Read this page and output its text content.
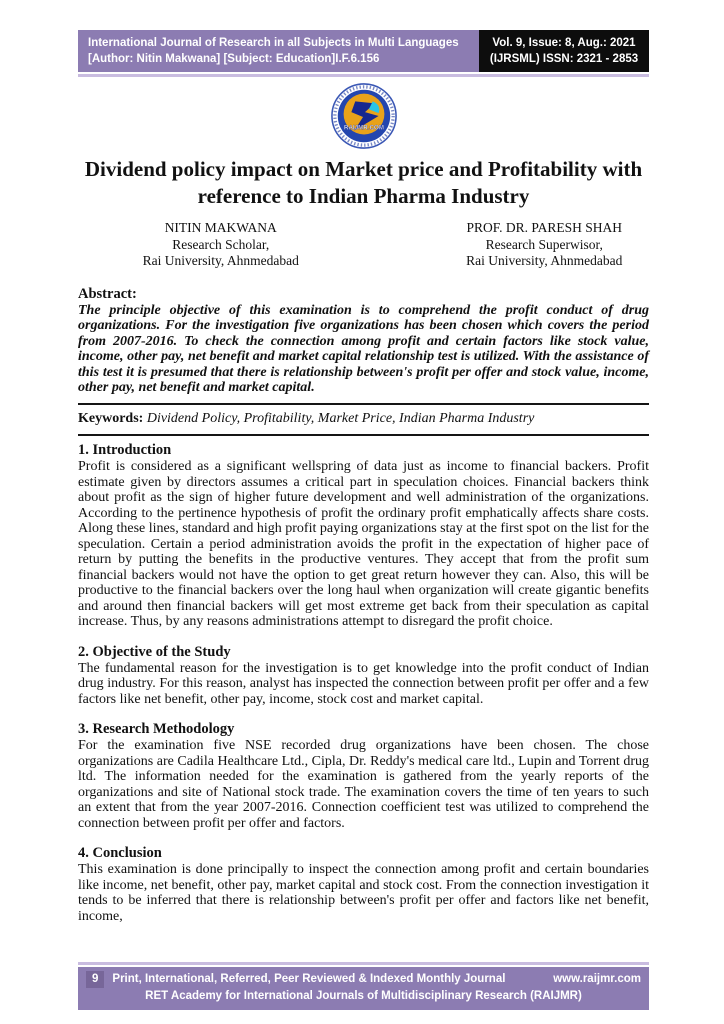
International Journal of Research in all Subjects in Multi Languages
[Author: Nitin Makwana] [Subject: Education]I.F.6.156
Vol. 9, Issue: 8, Aug.: 2021
(IJRSML) ISSN: 2321 - 2853
RAIJMR.COM
Dividend policy impact on Market price and Profitability with reference to Indian Pharma Industry
NITIN MAKWANA
Research Scholar,
Rai University, Ahnmedabad
PROF. DR. PARESH SHAH
Research Superwisor,
Rai University, Ahnmedabad
Abstract:

The principle objective of this examination is to comprehend the profit conduct of drug organizations. For the investigation five organizations has been chosen which covers the period from 2007-2016. To check the connection among profit and certain factors like stock value, income, other pay, net benefit and market capital relationship test is utilized. With the assistance of this test it is presumed that there is relationship between's profit per offer and stock value, income, other pay, net benefit and market capital.

Keywords: Dividend Policy, Profitability, Market Price, Indian Pharma Industry
1. Introduction

Profit is considered as a significant wellspring of data just as income to financial backers. Profit estimate given by directors assumes a critical part in speculation choices. Financial backers think about profit as the sign of higher future development and well administration of the organizations. According to the pertinence hypothesis of profit the ordinary profit emphatically affects share costs. Along these lines, standard and high profit paying organizations stay at the first spot on the list for the speculation. Certain a period administration avoids the profit in the expectation of higher pace of return by putting the benefits in the productive ventures. They accept that from the profit sum financial backers would not have the option to get great return however they can. Also, this will be productive to the financial backers over the long haul when organization will create gigantic benefits and around then financial backers will get most extreme get back from their speculation as capital increase. Thus, by any reasons administrations attempt to disregard the profit choice.

2. Objective of the Study

The fundamental reason for the investigation is to get knowledge into the profit conduct of Indian drug industry. For this reason, analyst has inspected the connection between profit per offer and a few factors like net benefit, other pay, income, stock cost and market capital.

3. Research Methodology

For the examination five NSE recorded drug organizations have been chosen. The chose organizations are Cadila Healthcare Ltd., Cipla, Dr. Reddy's medical care ltd., Lupin and Torrent drug ltd. The information needed for the examination is gathered from the yearly reports of the organizations and site of National stock trade. The examination covers the time of ten years to such an extent that from the year 2007-2016. Connection coefficient test was utilized to comprehend the connection between profit per offer and factors.

4. Conclusion

This examination is done principally to inspect the connection among profit and certain boundaries like income, net benefit, other pay, market capital and stock cost. From the connection investigation it tends to be inferred that there is relationship between's profit per offer and factors like net benefit, income,

9	Print, International, Referred, Peer Reviewed & Indexed Monthly Journal	www.raijmr.com
RET Academy for International Journals of Multidisciplinary Research (RAIJMR)
